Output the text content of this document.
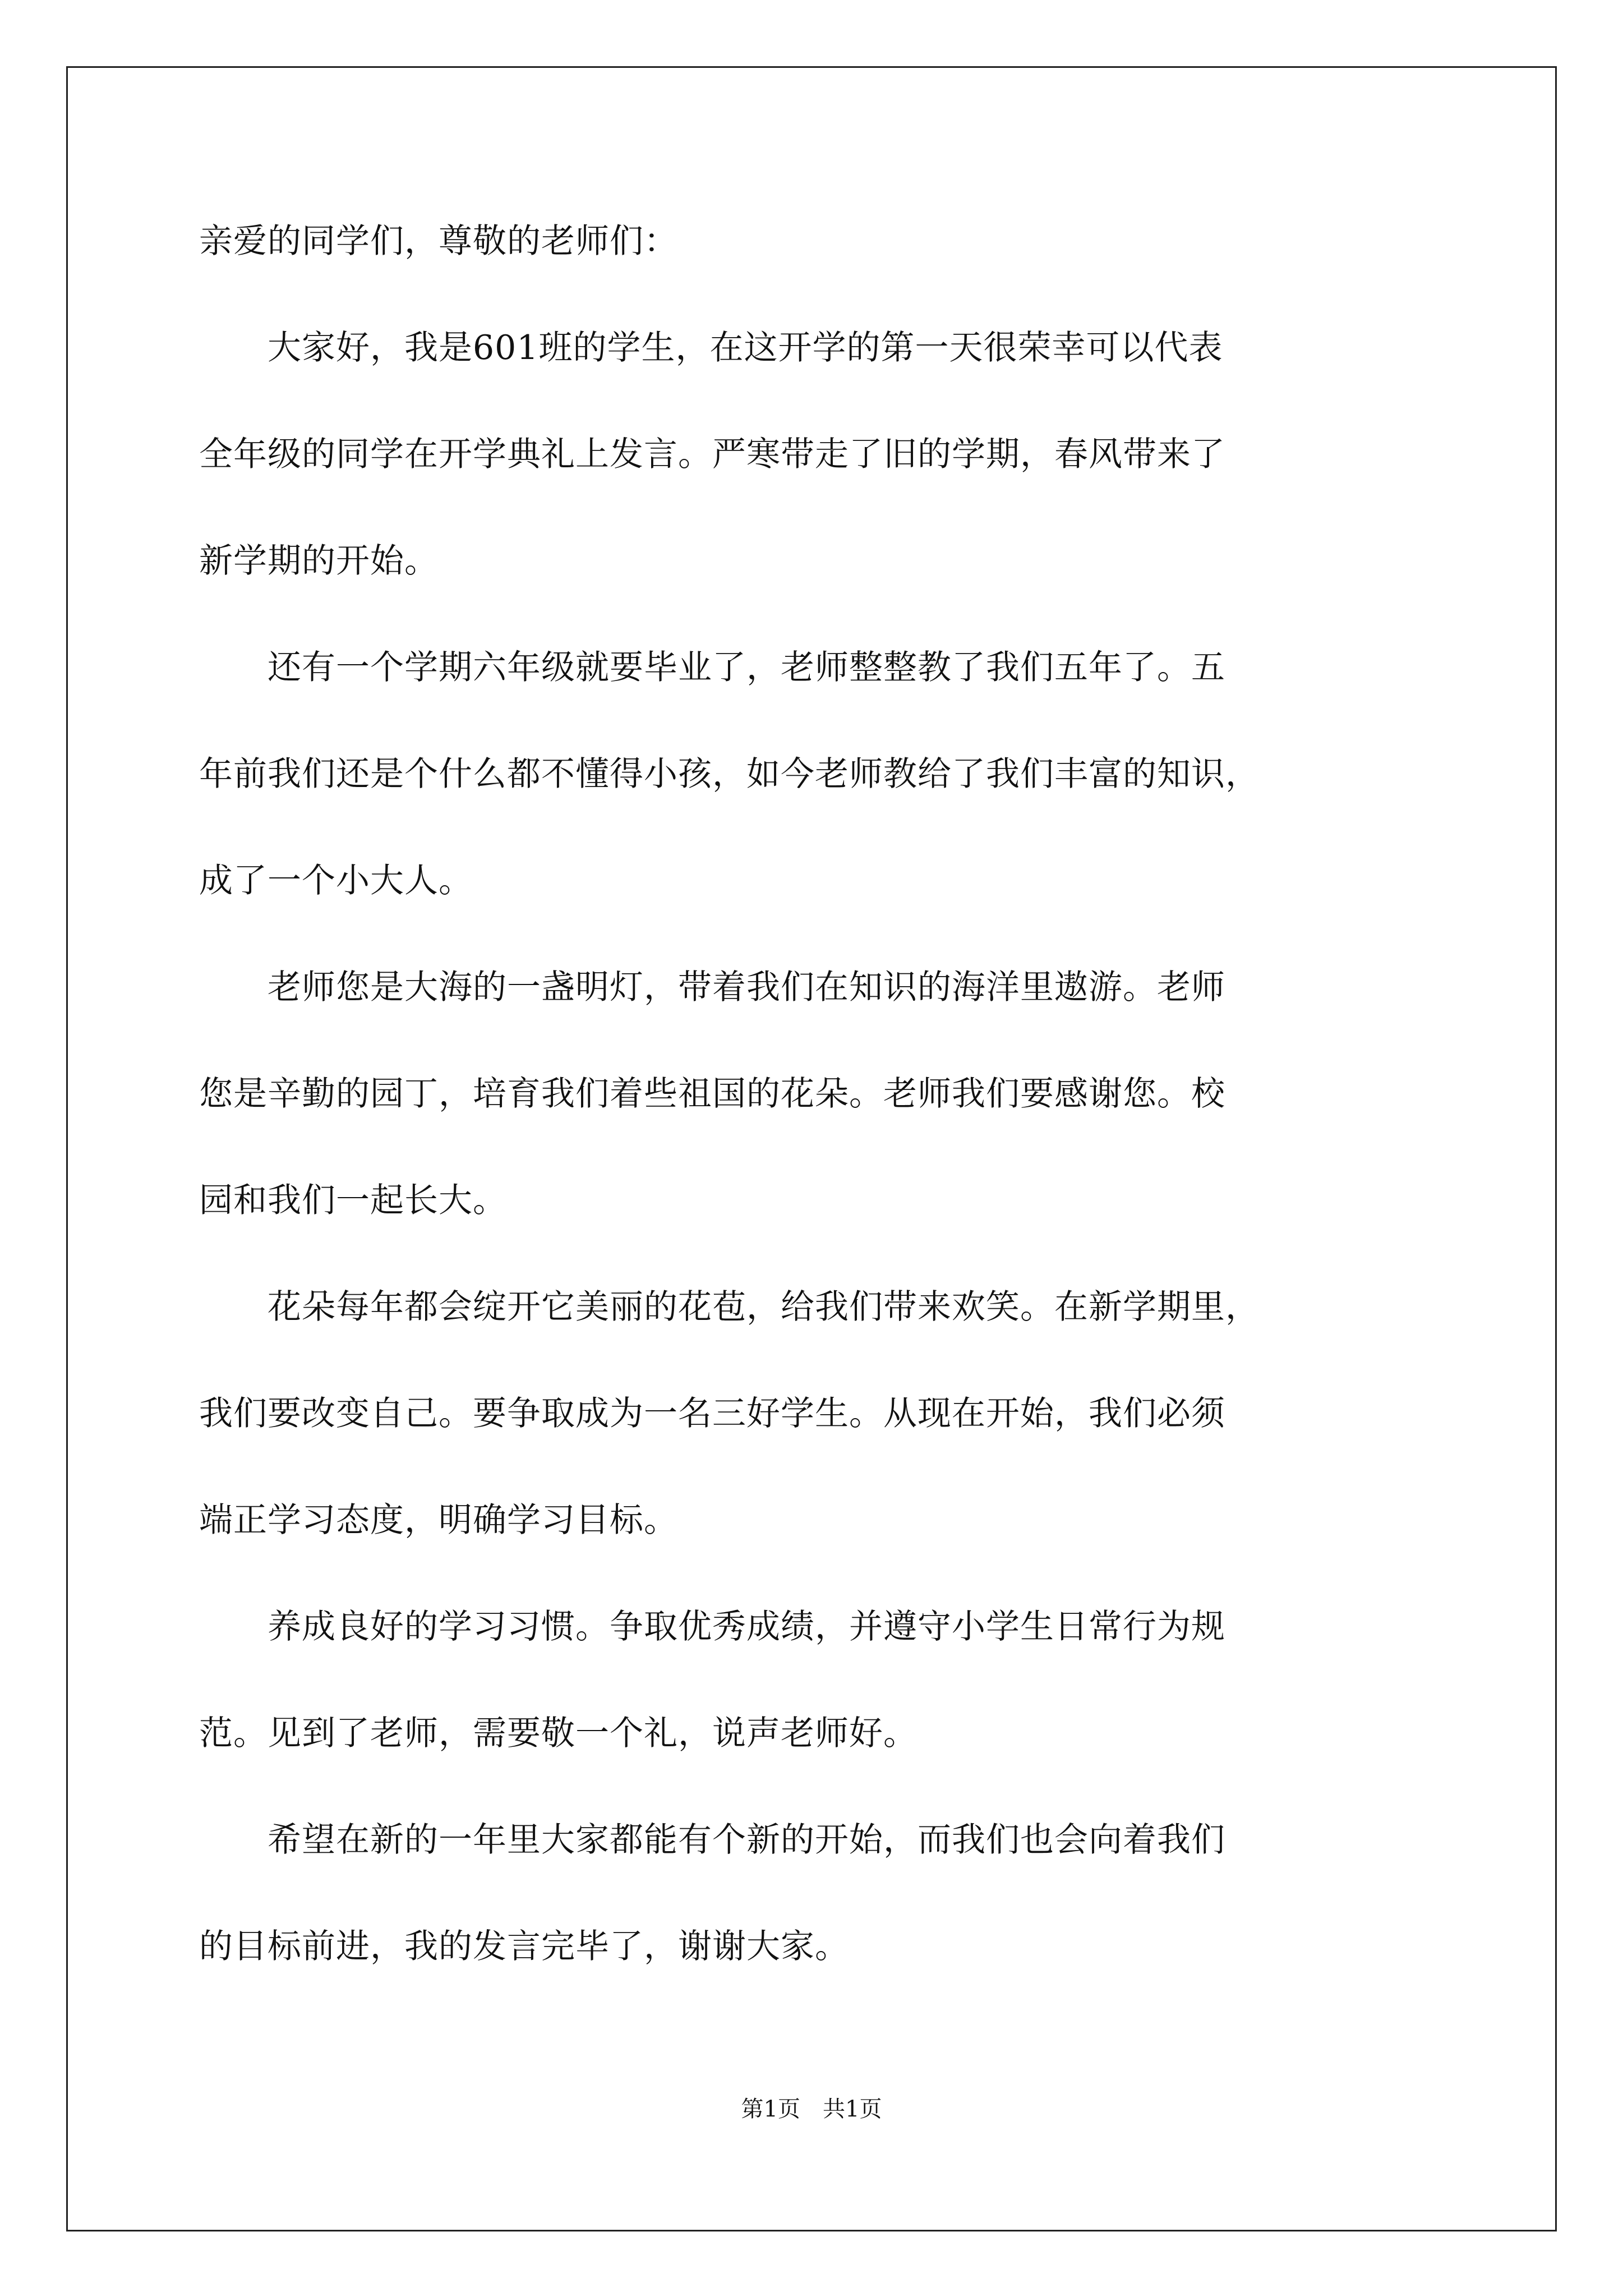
亲爱的同学们，尊敬的老师们：
　　大家好，我是601班的学生，在这开学的第一天很荣幸可以代表
全年级的同学在开学典礼上发言。严寒带走了旧的学期，春风带来了
新学期的开始。
　　还有一个学期六年级就要毕业了，老师整整教了我们五年了。五
年前我们还是个什么都不懂得小孩，如今老师教给了我们丰富的知识，
成了一个小大人。
　　老师您是大海的一盏明灯，带着我们在知识的海洋里遨游。老师
您是辛勤的园丁，培育我们着些祖国的花朵。老师我们要感谢您。校
园和我们一起长大。
　　花朵每年都会绽开它美丽的花苞，给我们带来欢笑。在新学期里，
我们要改变自己。要争取成为一名三好学生。从现在开始，我们必须
端正学习态度，明确学习目标。
　　养成良好的学习习惯。争取优秀成绩，并遵守小学生日常行为规
范。见到了老师，需要敬一个礼，说声老师好。
　　希望在新的一年里大家都能有个新的开始，而我们也会向着我们
的目标前进，我的发言完毕了，谢谢大家。
第1页　共1页
